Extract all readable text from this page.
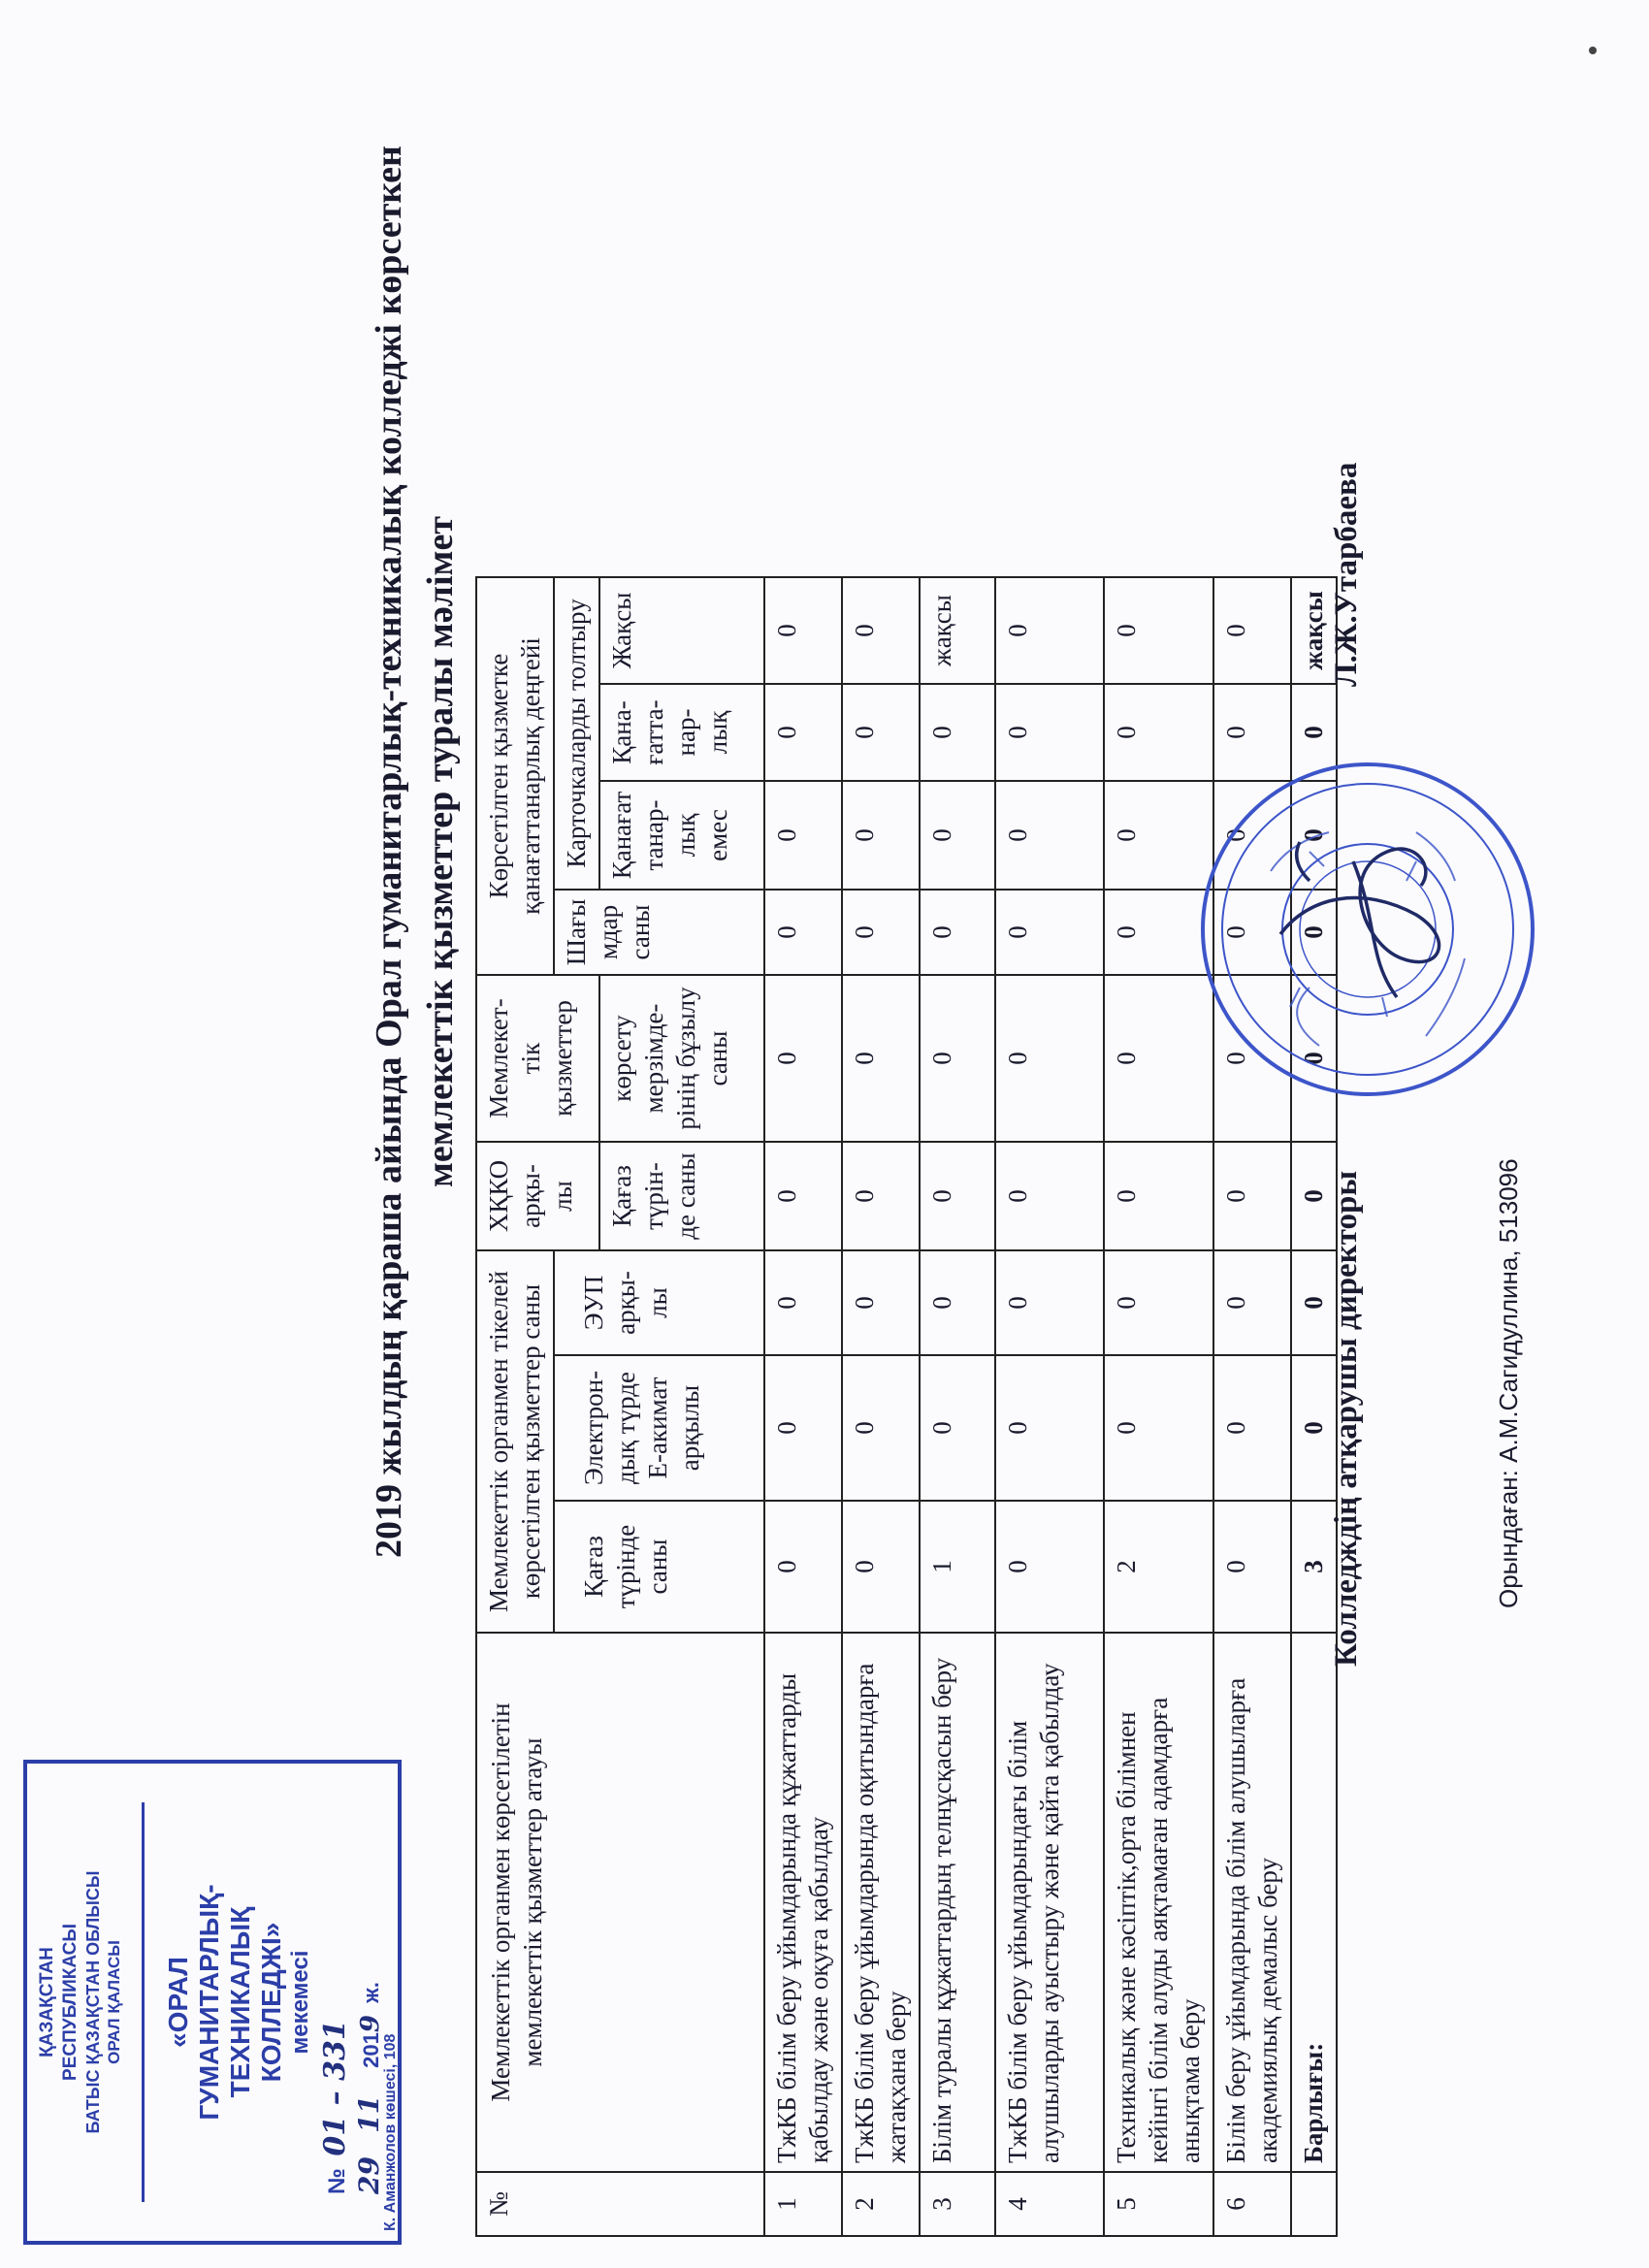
ҚАЗАҚСТАН РЕСПУБЛИКАСЫ БАТЫС ҚАЗАҚСТАН ОБЛЫСЫ ОРАЛ ҚАЛАСЫ «ОРАЛ ГУМАНИТАРЛЫҚ- ТЕХНИКАЛЫҚ КОЛЛЕДЖІ» мекемесі
№ 01 – 331
29 11 2019 ж.
К. Аманжолов көшесі, 108
2019 жылдың қараша айында Орал гуманитарлық-техникалық колледжі көрсеткен мемлекеттік қызметтер туралы мәлімет
№	Мемлекеттік органмен көрсетілетін мемлекеттік қызметтер атауы	Мемлекеттік органмен тікелей көрсетілген қызметтер саны			ХҚКО арқы-лы	Мемлекет-тік қызметтер	Көрсетілген қызметке қанағаттанарлық деңгейі			
		Қағаз түрінде саны	Электрон-дық түрде Е-акимат арқылы	ЭУП арқы-лы			Шағы мдар саны	Карточкаларды толтыру		
					Қағаз түрін-де саны	көрсету мерзімде-рінің бұзылу саны		Қанағат танар-лық емес	Қана-ғатта-нар-лық	Жақсы
1	ТжКБ білім беру ұйымдарында құжаттарды қабылдау және оқуға қабылдау	0	0	0	0	0	0	0	0	0
2	ТжКБ білім беру ұйымдарында оқитындарға жатақхана беру	0	0	0	0	0	0	0	0	0
3	Білім туралы құжаттардың телнұсқасын беру	1	0	0	0	0	0	0	0	жақсы
4	ТжКБ білім беру ұйымдарындағы білім алушыларды ауыстыру және қайта қабылдау	0	0	0	0	0	0	0	0	0
5	Техникалық және кәсіптік,орта білімнен кейінгі білім алуды аяқтамаған адамдарға анықтама беру	2	0	0	0	0	0	0	0	0
6	Білім беру ұйымдарында білім алушыларға академиялық демалыс беру	0	0	0	0	0	0	0	0	0
	Барлығы:	3	0	0	0	0	0	0	0	жақсы
Колледждің атқарушы директоры
Л.Ж.Утарбаева
Орындаған: А.М.Сагидуллина, 513096
